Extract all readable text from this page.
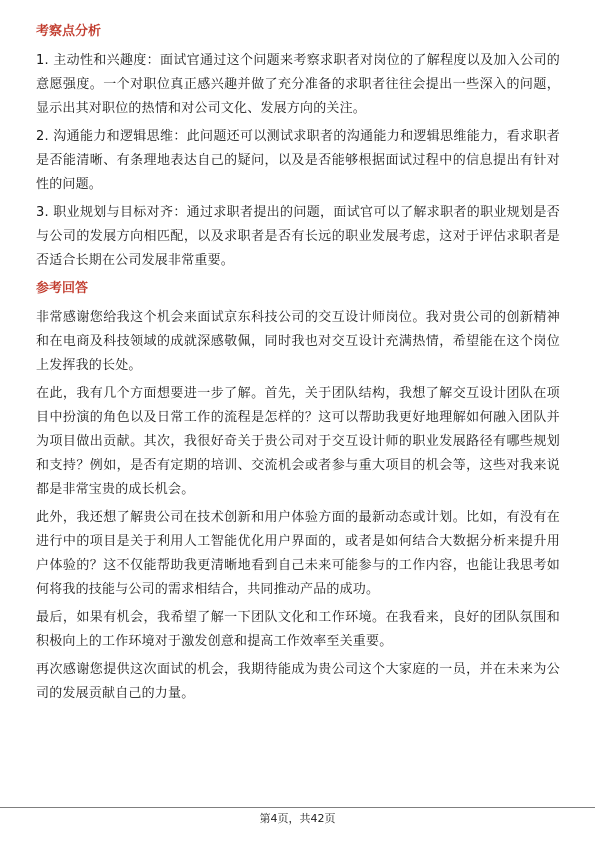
考察点分析

1. 主动性和兴趣度：面试官通过这个问题来考察求职者对岗位的了解程度以及加入公司的意愿强度。一个对职位真正感兴趣并做了充分准备的求职者往往会提出一些深入的问题，显示出其对职位的热情和对公司文化、发展方向的关注。

2. 沟通能力和逻辑思维：此问题还可以测试求职者的沟通能力和逻辑思维能力，看求职者是否能清晰、有条理地表达自己的疑问，以及是否能够根据面试过程中的信息提出有针对性的问题。

3. 职业规划与目标对齐：通过求职者提出的问题，面试官可以了解求职者的职业规划是否与公司的发展方向相匹配，以及求职者是否有长远的职业发展考虑，这对于评估求职者是否适合长期在公司发展非常重要。

参考回答

非常感谢您给我这个机会来面试京东科技公司的交互设计师岗位。我对贵公司的创新精神和在电商及科技领域的成就深感敬佩，同时我也对交互设计充满热情，希望能在这个岗位上发挥我的长处。

在此，我有几个方面想要进一步了解。首先，关于团队结构，我想了解交互设计团队在项目中扮演的角色以及日常工作的流程是怎样的？这可以帮助我更好地理解如何融入团队并为项目做出贡献。其次，我很好奇关于贵公司对于交互设计师的职业发展路径有哪些规划和支持？例如，是否有定期的培训、交流机会或者参与重大项目的机会等，这些对我来说都是非常宝贵的成长机会。

此外，我还想了解贵公司在技术创新和用户体验方面的最新动态或计划。比如，有没有在进行中的项目是关于利用人工智能优化用户界面的，或者是如何结合大数据分析来提升用户体验的？这不仅能帮助我更清晰地看到自己未来可能参与的工作内容，也能让我思考如何将我的技能与公司的需求相结合，共同推动产品的成功。

最后，如果有机会，我希望了解一下团队文化和工作环境。在我看来，良好的团队氛围和积极向上的工作环境对于激发创意和提高工作效率至关重要。

再次感谢您提供这次面试的机会，我期待能成为贵公司这个大家庭的一员，并在未来为公司的发展贡献自己的力量。

第4页，共42页
